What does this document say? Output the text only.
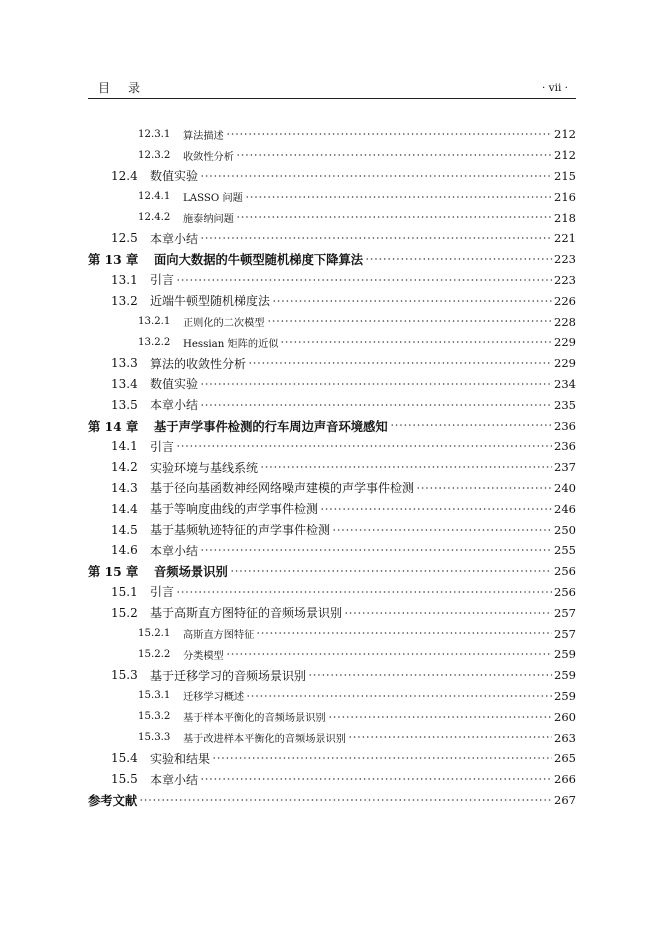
目录	· vii ·
12.3.1	算法描述	212
12.3.2	收敛性分析	212
12.4	数值实验	215
12.4.1	LASSO 问题	216
12.4.2	施泰纳问题	218
12.5	本章小结	221
第 13 章	面向大数据的牛顿型随机梯度下降算法	223
13.1	引言	223
13.2	近端牛顿型随机梯度法	226
13.2.1	正则化的二次模型	228
13.2.2	Hessian 矩阵的近似	229
13.3	算法的收敛性分析	229
13.4	数值实验	234
13.5	本章小结	235
第 14 章	基于声学事件检测的行车周边声音环境感知	236
14.1	引言	236
14.2	实验环境与基线系统	237
14.3	基于径向基函数神经网络噪声建模的声学事件检测	240
14.4	基于等响度曲线的声学事件检测	246
14.5	基于基频轨迹特征的声学事件检测	250
14.6	本章小结	255
第 15 章	音频场景识别	256
15.1	引言	256
15.2	基于高斯直方图特征的音频场景识别	257
15.2.1	高斯直方图特征	257
15.2.2	分类模型	259
15.3	基于迁移学习的音频场景识别	259
15.3.1	迁移学习概述	259
15.3.2	基于样本平衡化的音频场景识别	260
15.3.3	基于改进样本平衡化的音频场景识别	263
15.4	实验和结果	265
15.5	本章小结	266
参考文献	267
